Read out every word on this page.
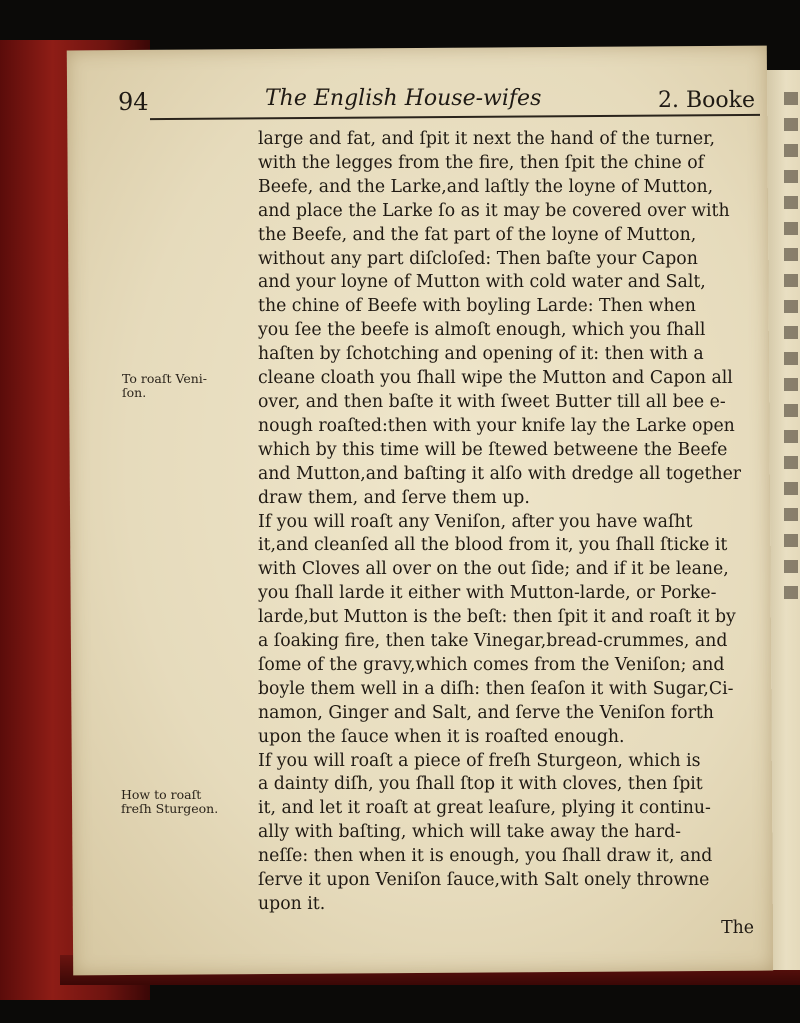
94	The English House-wifes	2. Booke
To roaſt Veni-
ſon.
How to roaſt
freſh Sturgeon.
large and fat, and ſpit it next the hand of the turner,
with the legges from the fire, then ſpit the chine of
Beefe, and the Larke,and laſtly the loyne of Mutton,
and place the Larke ſo as it may be covered over with
the Beefe, and the fat part of the loyne of Mutton,
without any part diſcloſed: Then baſte your Capon
and your loyne of Mutton with cold water and Salt,
the chine of Beefe with boyling Larde: Then when
you ſee the beefe is almoſt enough, which you ſhall
haſten by ſchotching and opening of it: then with a
cleane cloath you ſhall wipe the Mutton and Capon all
over, and then baſte it with ſweet Butter till all bee e-
nough roaſted:then with your knife lay the Larke open
which by this time will be ſtewed betweene the Beefe
and Mutton,and baſting it alſo with dredge all together
draw them, and ſerve them up.
If you will roaſt any Veniſon, after you have waſht
it,and cleanſed all the blood from it, you ſhall ſticke it
with Cloves all over on the out ſide; and if it be leane,
you ſhall larde it either with Mutton-larde, or Porke-
larde,but Mutton is the beſt: then ſpit it and roaſt it by
a ſoaking fire, then take Vinegar,bread-crummes, and
ſome of the gravy,which comes from the Veniſon; and
boyle them well in a diſh: then ſeaſon it with Sugar,Ci-
namon, Ginger and Salt, and ſerve the Veniſon forth
upon the ſauce when it is roaſted enough.
If you will roaſt a piece of freſh Sturgeon, which is
a dainty diſh, you ſhall ſtop it with cloves, then ſpit
it, and let it roaſt at great leaſure, plying it continu-
ally with baſting, which will take away the hard-
neſſe: then when it is enough, you ſhall draw it, and
ſerve it upon Veniſon ſauce,with Salt onely throwne
upon it.
The
